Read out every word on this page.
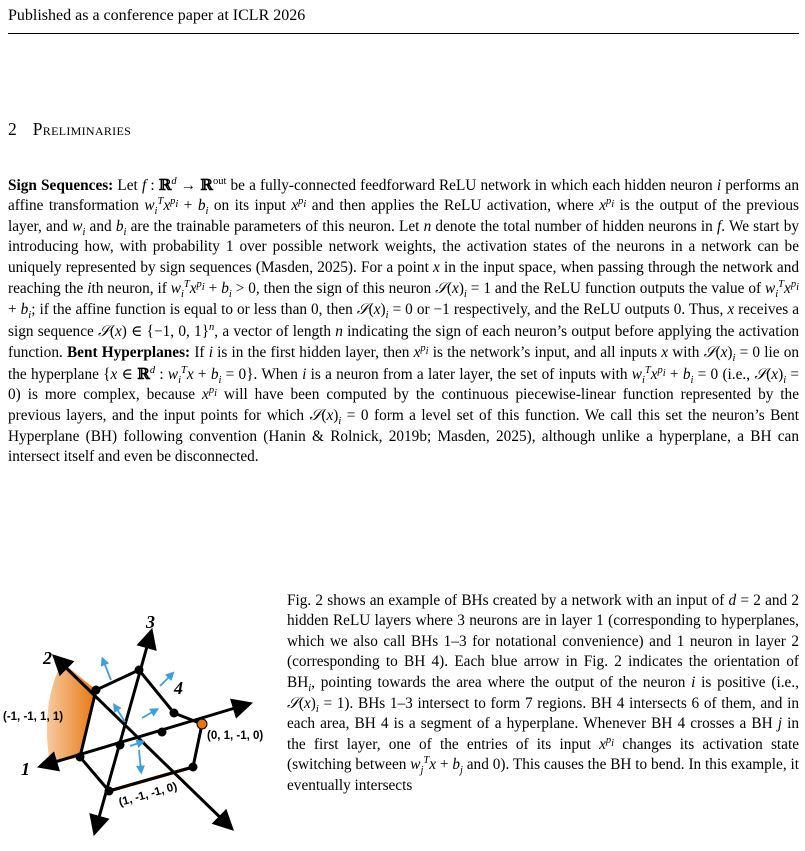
Published as a conference paper at ICLR 2026
2 Preliminaries

Sign Sequences: Let f : ℝ$^d$ → ℝ$^{out}$ be a fully-connected feedforward ReLU network in which each hidden neuron i performs an affine transformation $w_i^Tx^{p_i} + b_i$ on its input $x^{p_i}$ and then applies the ReLU activation, where $x^{p_i}$ is the output of the previous layer, and $w_i$ and $b_i$ are the trainable parameters of this neuron. Let n denote the total number of hidden neurons in f. We start by introducing how, with probability 1 over possible network weights, the activation states of the neurons in a network can be uniquely represented by sign sequences (Masden, 2025). For a point x in the input space, when passing through the network and reaching the ith neuron, if $w_i^Tx^{p_i} + b_i > 0$, then the sign of this neuron $𝒮(x)_i = 1$ and the ReLU function outputs the value of $w_i^Tx^{p_i} + b_i$; if the affine function is equal to or less than 0, then $𝒮(x)_i = 0$ or −1 respectively, and the ReLU outputs 0. Thus, x receives a sign sequence 𝒮(x) ∈ {−1, 0, 1}$^n$, a vector of length n indicating the sign of each neuron’s output before applying the activation function. Bent Hyperplanes: If i is in the first hidden layer, then $x^{p_i}$ is the network’s input, and all inputs x with $𝒮(x)_i = 0$ lie on the hyperplane {x ∈ ℝ$^d$ : $w_i^Tx + b_i = 0$}. When i is a neuron from a later layer, the set of inputs with $w_i^Tx^{p_i} + b_i = 0$ (i.e., $𝒮(x)_i = 0$) is more complex, because $x^{p_i}$ will have been computed by the continuous piecewise-linear function represented by the previous layers, and the input points for which $𝒮(x)_i = 0$ form a level set of this function. We call this set the neuron’s Bent Hyperplane (BH) following convention (Hanin & Rolnick, 2019b; Masden, 2025), although unlike a hyperplane, a BH can intersect itself and even be disconnected.

Fig. 2 shows an example of BHs created by a network with an input of d = 2 and 2 hidden ReLU layers where 3 neurons are in layer 1 (corresponding to hyperplanes, which we also call BHs 1–3 for notational convenience) and 1 neuron in layer 2 (corresponding to BH 4). Each blue arrow in Fig. 2 indicates the orientation of $BH_i$, pointing towards the area where the output of the neuron i is positive (i.e., $𝒮(x)_i = 1$). BHs 1–3 intersect to form 7 regions. BH 4 intersects 6 of them, and in each area, BH 4 is a segment of a hyperplane. Whenever BH 4 crosses a BH j in the first layer, one of the entries of its input $x^{p_i}$ changes its activation state (switching between $w_j^Tx + b_j$ and 0). This causes the BH to bend. In this example, it eventually intersects

1
2
3
4
(-1, -1, 1, 1)
(0, 1, -1, 0)
(1, -1, -1, 0)
